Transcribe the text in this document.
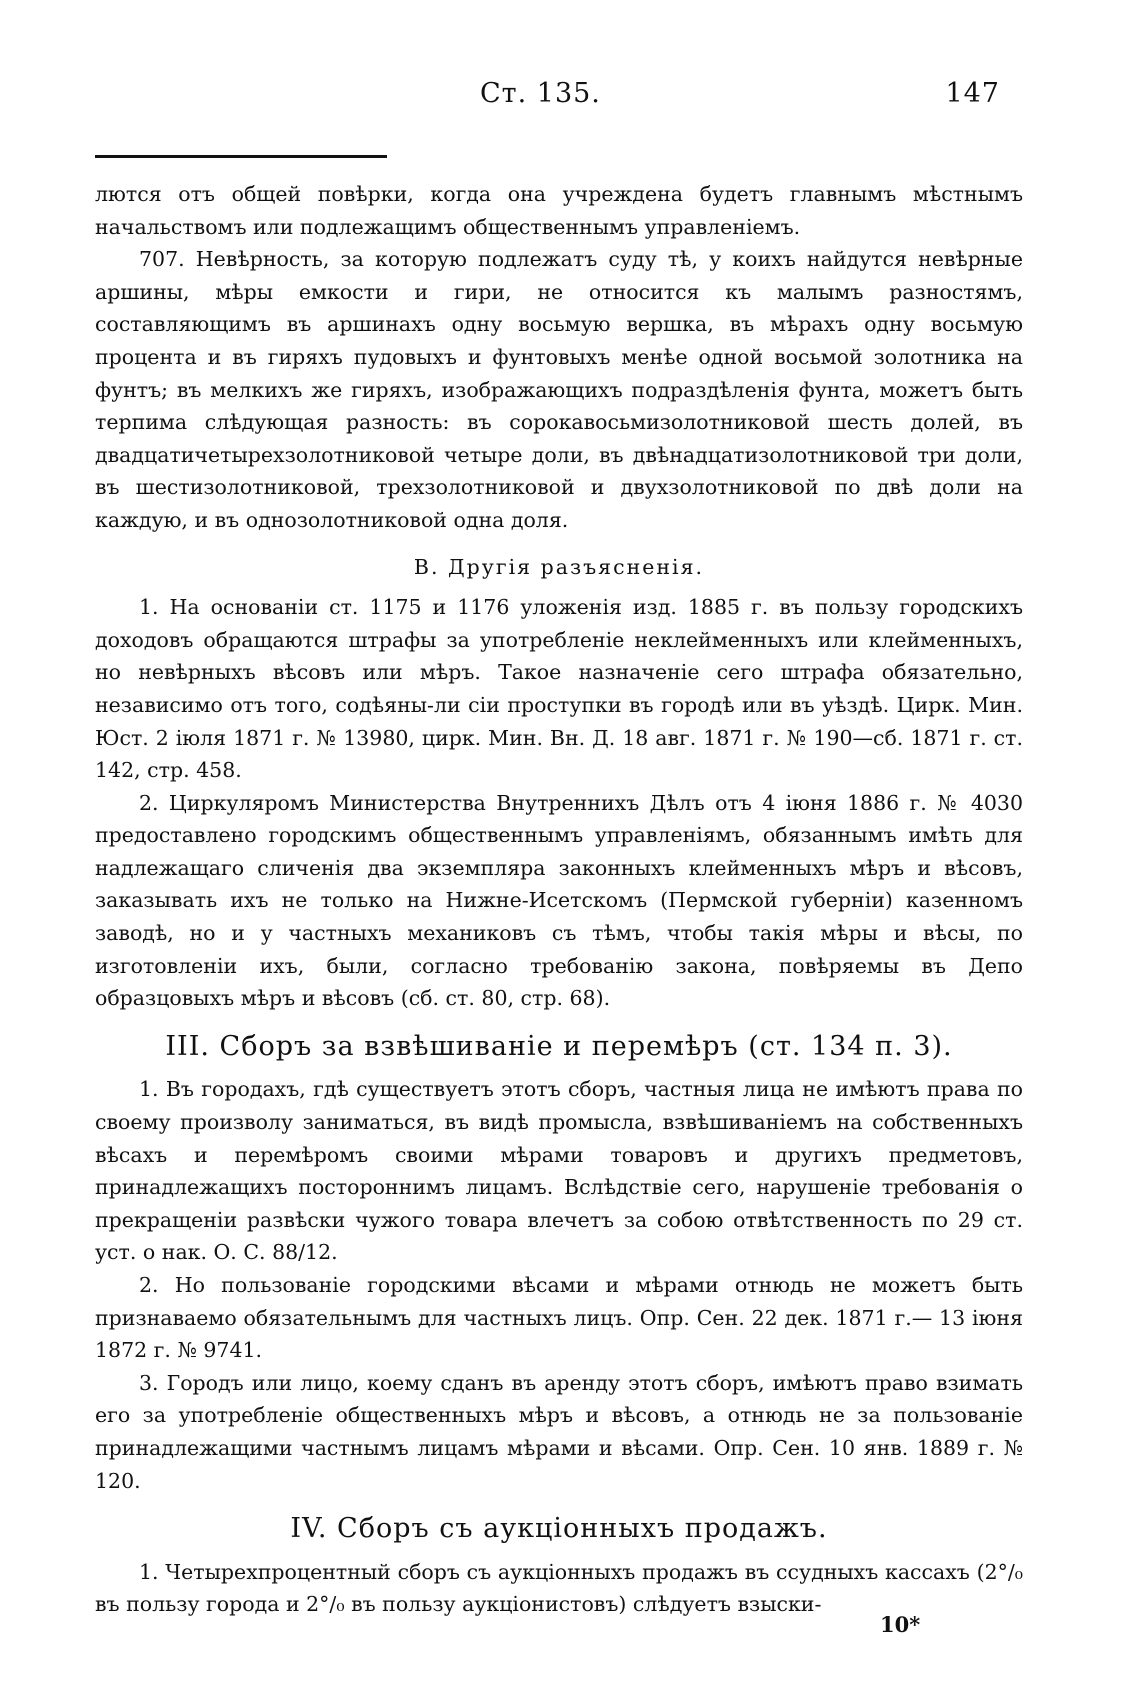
Ст. 135.	147

лются отъ общей повѣрки, когда она учреждена будетъ главнымъ мѣстнымъ начальствомъ или подлежащимъ общественнымъ управленіемъ.

707. Невѣрность, за которую подлежатъ суду тѣ, у коихъ найдутся невѣрные аршины, мѣры емкости и гири, не относится къ малымъ разностямъ, составляющимъ въ аршинахъ одну восьмую вершка, въ мѣрахъ одну восьмую процента и въ гиряхъ пудовыхъ и фунтовыхъ менѣе одной восьмой золотника на фунтъ; въ мелкихъ же гиряхъ, изображающихъ подраздѣленія фунта, можетъ быть терпима слѣдующая разность: въ сорокавосьмизолотниковой шесть долей, въ двадцатичетырехзолотниковой четыре доли, въ двѣнадцатизолотниковой три доли, въ шестизолотниковой, трехзолотниковой и двухзолотниковой по двѣ доли на каждую, и въ однозолотниковой одна доля.

В. Другія разъясненія.

1. На основаніи ст. 1175 и 1176 уложенія изд. 1885 г. въ пользу городскихъ доходовъ обращаются штрафы за употребленіе неклейменныхъ или клейменныхъ, но невѣрныхъ вѣсовъ или мѣръ. Такое назначеніе сего штрафа обязательно, независимо отъ того, содѣяны-ли сіи проступки въ городѣ или въ уѣздѣ. Цирк. Мин. Юст. 2 іюля 1871 г. № 13980, цирк. Мин. Вн. Д. 18 авг. 1871 г. № 190—сб. 1871 г. ст. 142, стр. 458.

2. Циркуляромъ Министерства Внутреннихъ Дѣлъ отъ 4 іюня 1886 г. № 4030 предоставлено городскимъ общественнымъ управленіямъ, обязаннымъ имѣть для надлежащаго сличенія два экземпляра законныхъ клейменныхъ мѣръ и вѣсовъ, заказывать ихъ не только на Нижне-Исетскомъ (Пермской губерніи) казенномъ заводѣ, но и у частныхъ механиковъ съ тѣмъ, чтобы такія мѣры и вѣсы, по изготовленіи ихъ, были, согласно требованію закона, повѣряемы въ Депо образцовыхъ мѣръ и вѣсовъ (сб. ст. 80, стр. 68).

III. Сборъ за взвѣшиваніе и перемѣръ (ст. 134 п. 3).

1. Въ городахъ, гдѣ существуетъ этотъ сборъ, частныя лица не имѣютъ права по своему произволу заниматься, въ видѣ промысла, взвѣшиваніемъ на собственныхъ вѣсахъ и перемѣромъ своими мѣрами товаровъ и другихъ предметовъ, принадлежащихъ постороннимъ лицамъ. Вслѣдствіе сего, нарушеніе требованія о прекращеніи развѣски чужого товара влечетъ за собою отвѣтственность по 29 ст. уст. о нак. О. С. 88/12.

2. Но пользованіе городскими вѣсами и мѣрами отнюдь не можетъ быть признаваемо обязательнымъ для частныхъ лицъ. Опр. Сен. 22 дек. 1871 г.— 13 іюня 1872 г. № 9741.

3. Городъ или лицо, коему сданъ въ аренду этотъ сборъ, имѣютъ право взимать его за употребленіе общественныхъ мѣръ и вѣсовъ, а отнюдь не за пользованіе принадлежащими частнымъ лицамъ мѣрами и вѣсами. Опр. Сен. 10 янв. 1889 г. № 120.

IV. Сборъ съ аукціонныхъ продажъ.

1. Четырехпроцентный сборъ съ аукціонныхъ продажъ въ ссудныхъ кассахъ (2°/₀ въ пользу города и 2°/₀ въ пользу аукціонистовъ) слѣдуетъ взыски-

10*
